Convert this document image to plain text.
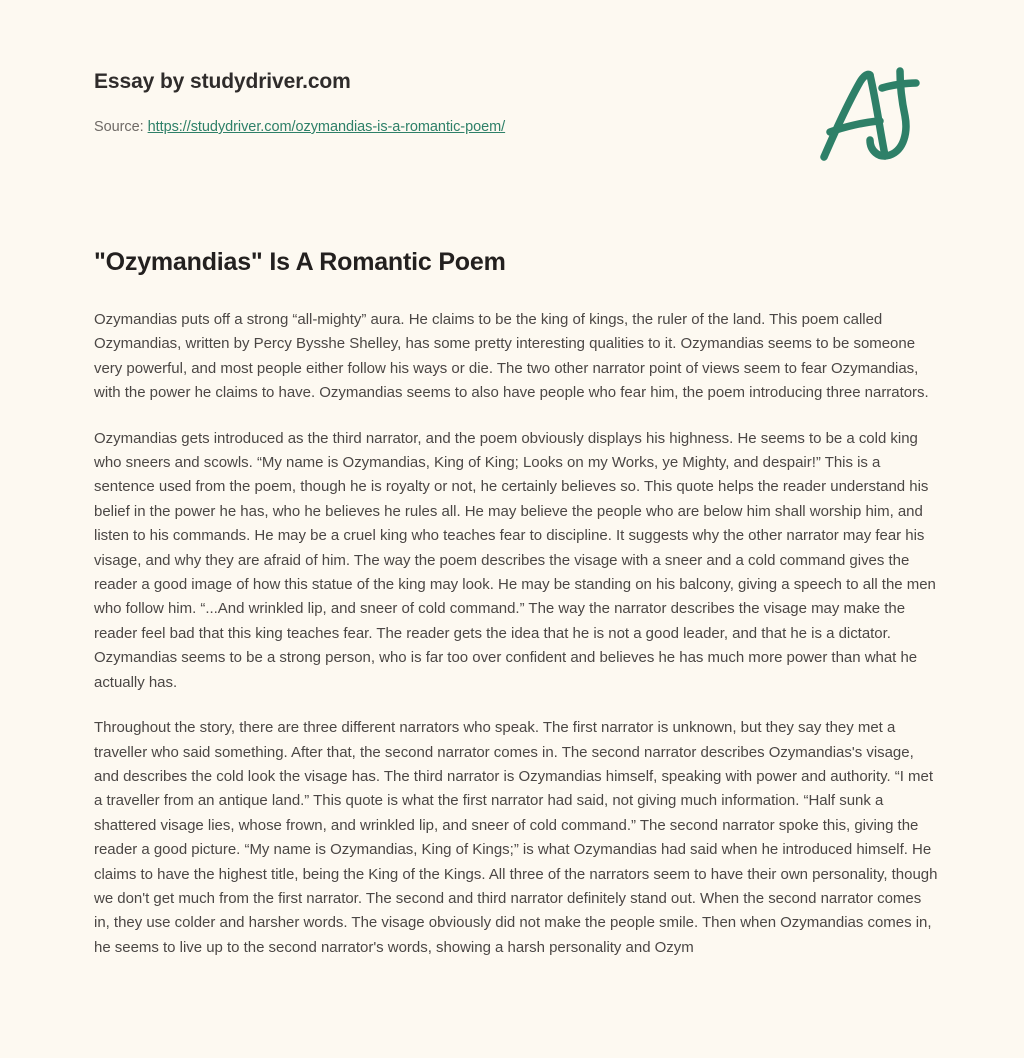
Essay by studydriver.com
Source: https://studydriver.com/ozymandias-is-a-romantic-poem/
"Ozymandias" Is A Romantic Poem

Ozymandias puts off a strong “all-mighty” aura. He claims to be the king of kings, the ruler of the land. This poem called Ozymandias, written by Percy Bysshe Shelley, has some pretty interesting qualities to it. Ozymandias seems to be someone very powerful, and most people either follow his ways or die. The two other narrator point of views seem to fear Ozymandias, with the power he claims to have. Ozymandias seems to also have people who fear him, the poem introducing three narrators.

Ozymandias gets introduced as the third narrator, and the poem obviously displays his highness. He seems to be a cold king who sneers and scowls. “My name is Ozymandias, King of King; Looks on my Works, ye Mighty, and despair!” This is a sentence used from the poem, though he is royalty or not, he certainly believes so. This quote helps the reader understand his belief in the power he has, who he believes he rules all. He may believe the people who are below him shall worship him, and listen to his commands. He may be a cruel king who teaches fear to discipline. It suggests why the other narrator may fear his visage, and why they are afraid of him. The way the poem describes the visage with a sneer and a cold command gives the reader a good image of how this statue of the king may look. He may be standing on his balcony, giving a speech to all the men who follow him. “...And wrinkled lip, and sneer of cold command.” The way the narrator describes the visage may make the reader feel bad that this king teaches fear. The reader gets the idea that he is not a good leader, and that he is a dictator. Ozymandias seems to be a strong person, who is far too over confident and believes he has much more power than what he actually has.

Throughout the story, there are three different narrators who speak. The first narrator is unknown, but they say they met a traveller who said something. After that, the second narrator comes in. The second narrator describes Ozymandias's visage, and describes the cold look the visage has. The third narrator is Ozymandias himself, speaking with power and authority. “I met a traveller from an antique land.” This quote is what the first narrator had said, not giving much information. “Half sunk a shattered visage lies, whose frown, and wrinkled lip, and sneer of cold command.” The second narrator spoke this, giving the reader a good picture. “My name is Ozymandias, King of Kings;” is what Ozymandias had said when he introduced himself. He claims to have the highest title, being the King of the Kings. All three of the narrators seem to have their own personality, though we don't get much from the first narrator. The second and third narrator definitely stand out. When the second narrator comes in, they use colder and harsher words. The visage obviously did not make the people smile. Then when Ozymandias comes in, he seems to live up to the second narrator's words, showing a harsh personality and Ozym
